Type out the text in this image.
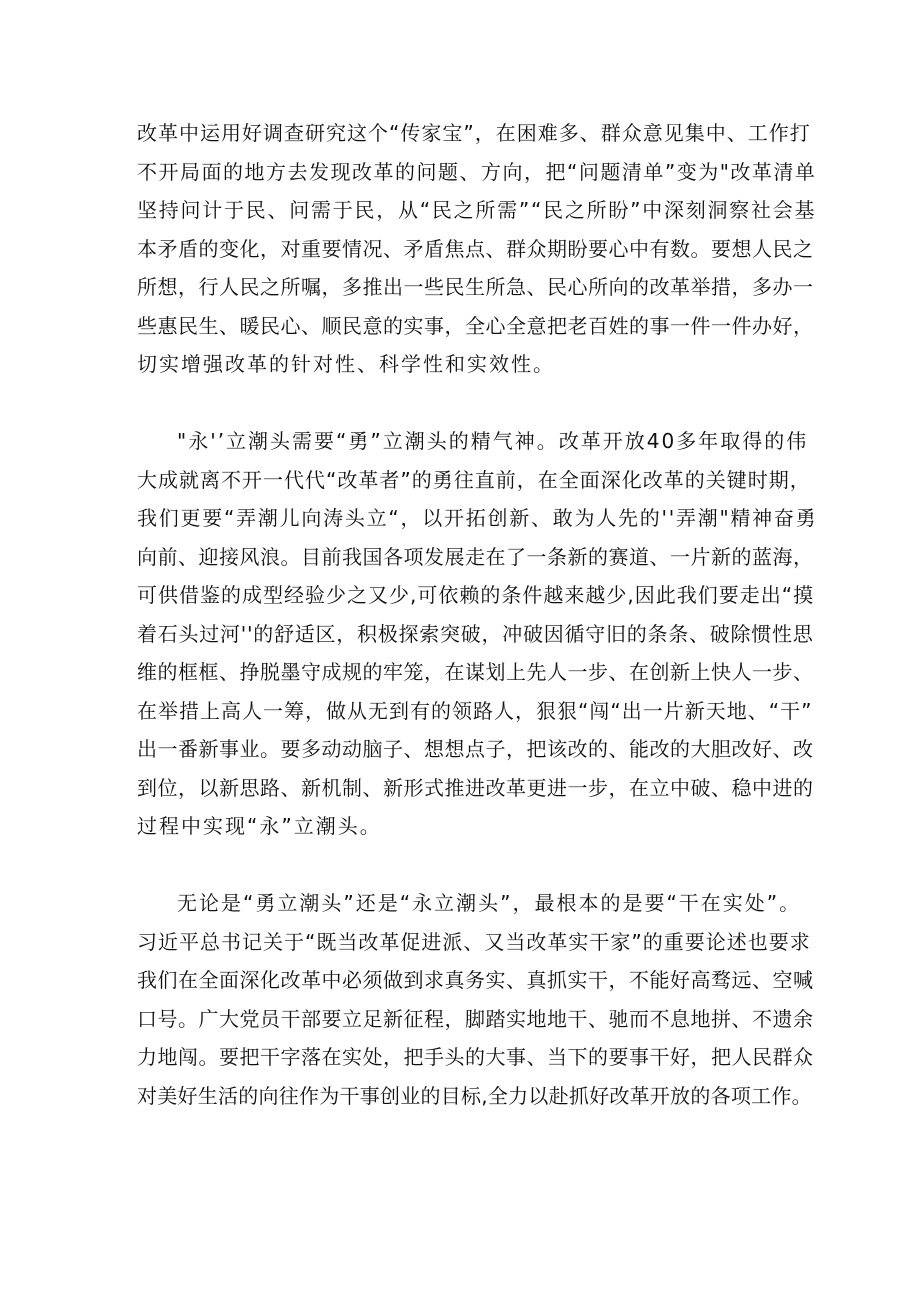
改革中运用好调查研究这个“传家宝”，在困难多、群众意见集中、工作打
不开局面的地方去发现改革的问题、方向，把“问题清单”变为"改革清单
坚持问计于民、问需于民，从“民之所需”“民之所盼”中深刻洞察社会基
本矛盾的变化，对重要情况、矛盾焦点、群众期盼要心中有数。要想人民之
所想，行人民之所嘱，多推出一些民生所急、民心所向的改革举措，多办一
些惠民生、暖民心、顺民意的实事，全心全意把老百姓的事一件一件办好，
切实增强改革的针对性、科学性和实效性。
"永'’立潮头需要“勇”立潮头的精气神。改革开放40多年取得的伟
大成就离不开一代代“改革者”的勇往直前，在全面深化改革的关键时期，
我们更要“弄潮儿向涛头立“，以开拓创新、敢为人先的''弄潮"精神奋勇
向前、迎接风浪。目前我国各项发展走在了一条新的赛道、一片新的蓝海，
可供借鉴的成型经验少之又少,可依赖的条件越来越少,因此我们要走出“摸
着石头过河''的舒适区，积极探索突破，冲破因循守旧的条条、破除惯性思
维的框框、挣脱墨守成规的牢笼，在谋划上先人一步、在创新上快人一步、
在举措上高人一筹，做从无到有的领路人，狠狠“闯“出一片新天地、“干”
出一番新事业。要多动动脑子、想想点子，把该改的、能改的大胆改好、改
到位，以新思路、新机制、新形式推进改革更进一步，在立中破、稳中进的
过程中实现“永”立潮头。
无论是“勇立潮头”还是“永立潮头”，最根本的是要“干在实处”。
习近平总书记关于“既当改革促进派、又当改革实干家”的重要论述也要求
我们在全面深化改革中必须做到求真务实、真抓实干，不能好高骛远、空喊
口号。广大党员干部要立足新征程，脚踏实地地干、驰而不息地拼、不遗余
力地闯。要把干字落在实处，把手头的大事、当下的要事干好，把人民群众
对美好生活的向往作为干事创业的目标,全力以赴抓好改革开放的各项工作。
